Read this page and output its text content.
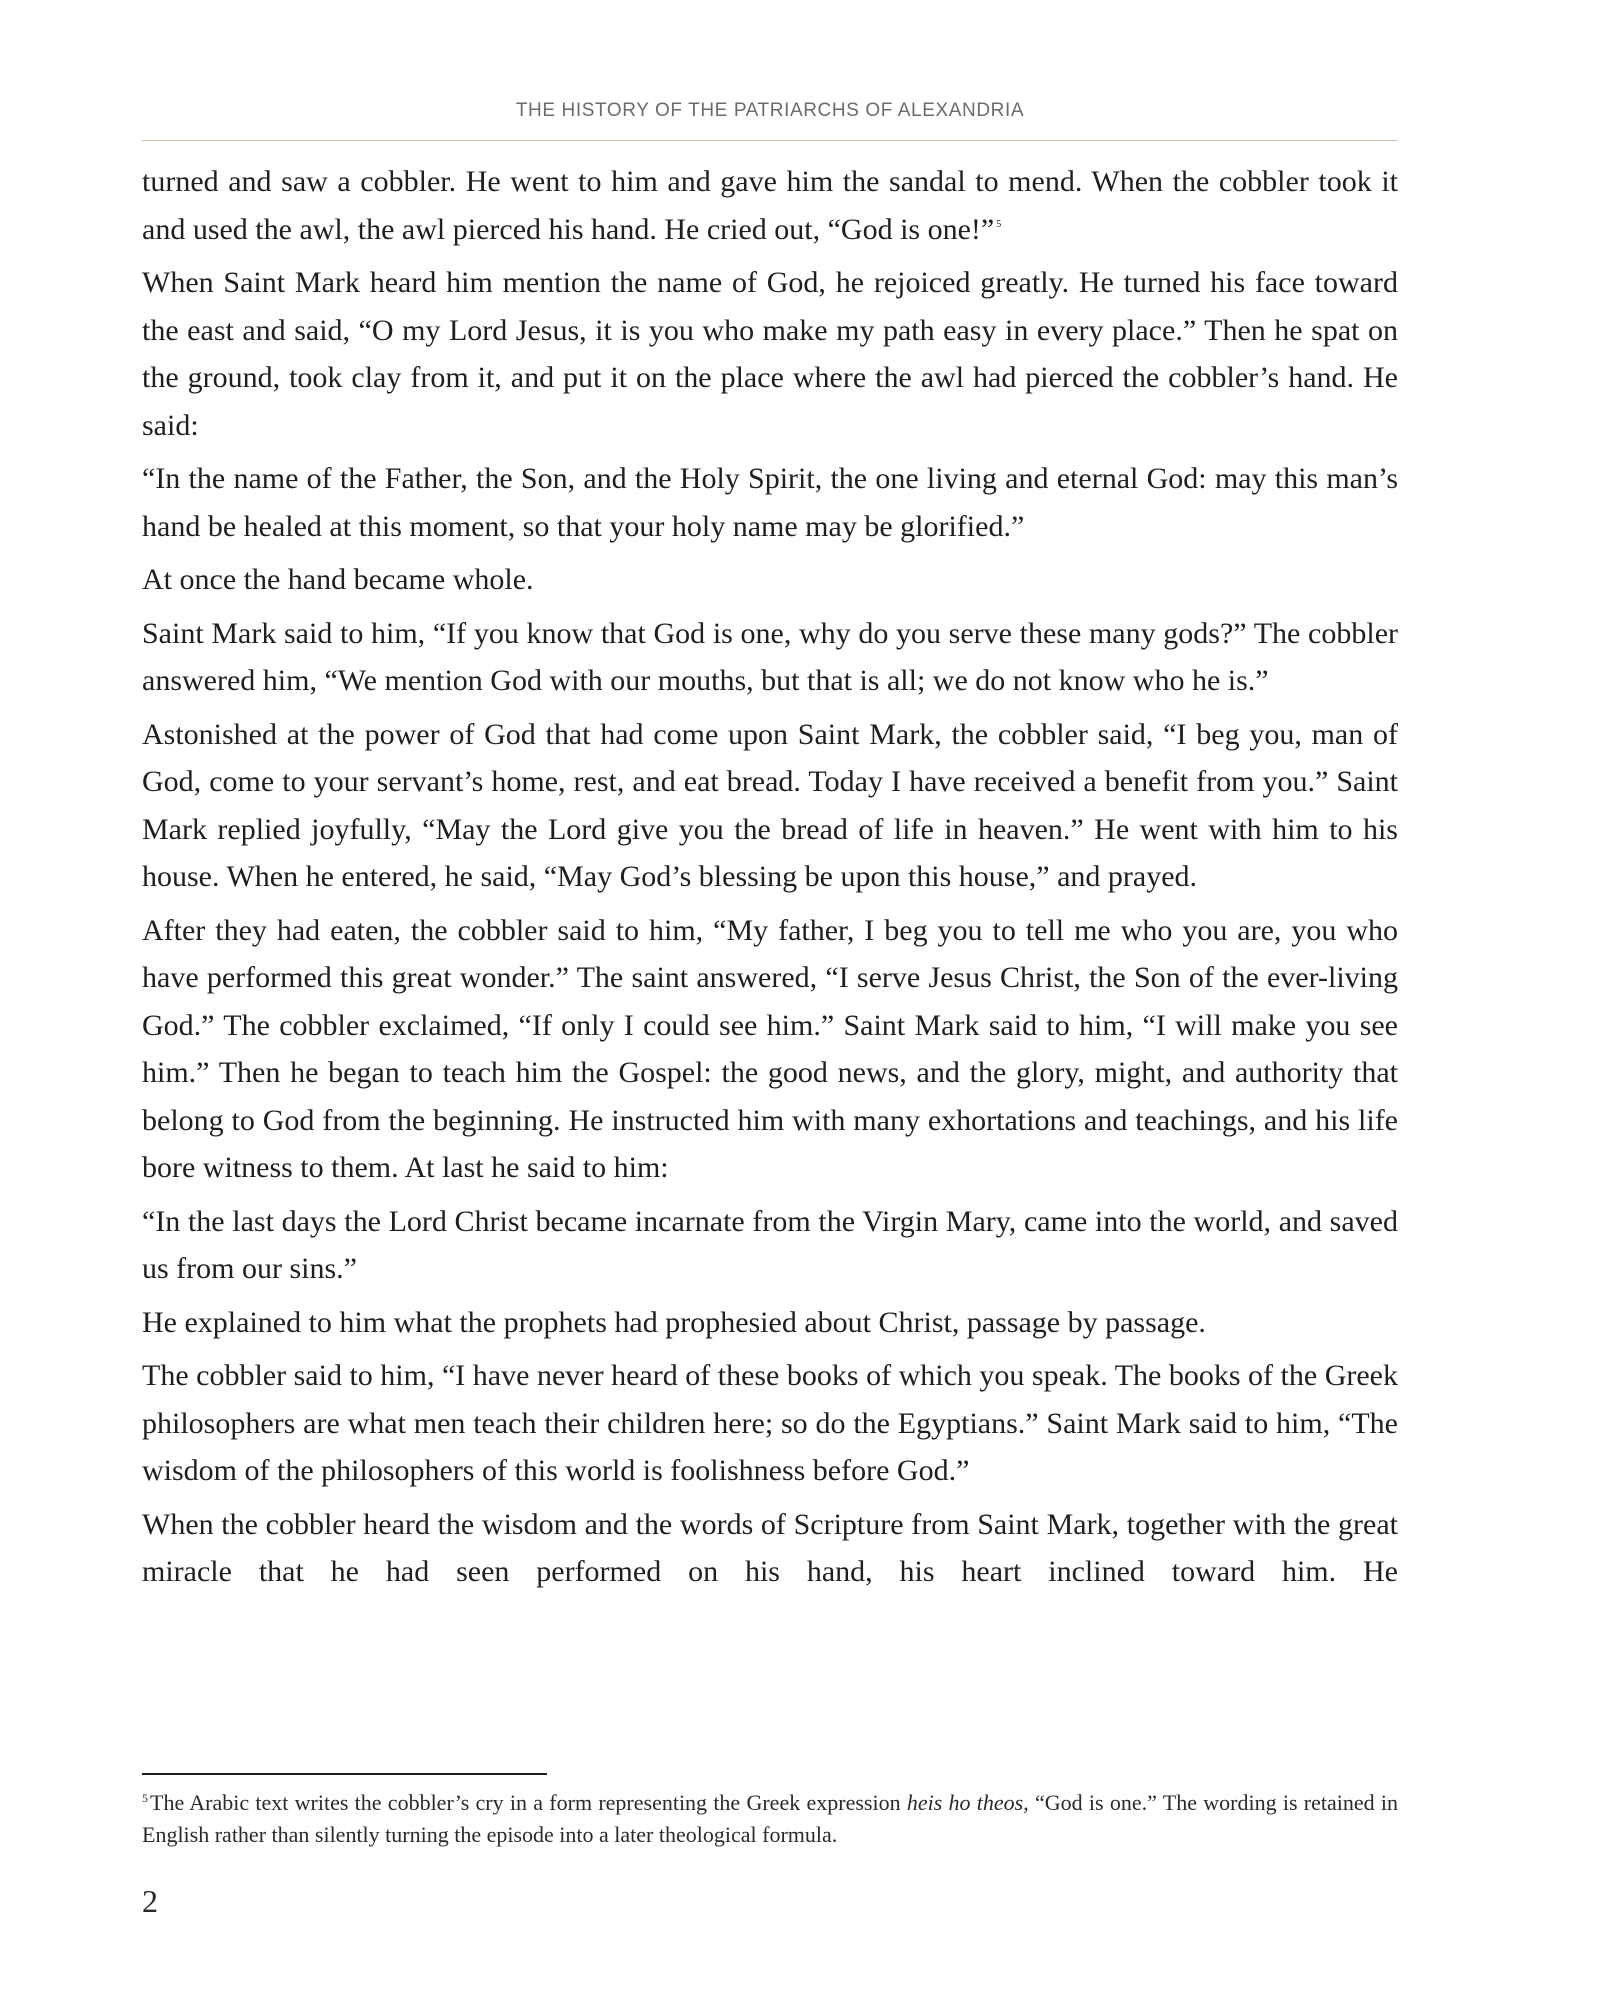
THE HISTORY OF THE PATRIARCHS OF ALEXANDRIA

turned and saw a cobbler. He went to him and gave him the sandal to mend. When the cobbler took it and used the awl, the awl pierced his hand. He cried out, “God is one!” $^5$

When Saint Mark heard him mention the name of God, he rejoiced greatly. He turned his face toward the east and said, “O my Lord Jesus, it is you who make my path easy in every place.” Then he spat on the ground, took clay from it, and put it on the place where the awl had pierced the cobbler’s hand. He said:

“In the name of the Father, the Son, and the Holy Spirit, the one living and eternal God: may this man’s hand be healed at this moment, so that your holy name may be glorified.”

At once the hand became whole.

Saint Mark said to him, “If you know that God is one, why do you serve these many gods?” The cobbler answered him, “We mention God with our mouths, but that is all; we do not know who he is.”

Astonished at the power of God that had come upon Saint Mark, the cobbler said, “I beg you, man of God, come to your servant’s home, rest, and eat bread. Today I have received a benefit from you.” Saint Mark replied joyfully, “May the Lord give you the bread of life in heaven.” He went with him to his house. When he entered, he said, “May God’s blessing be upon this house,” and prayed.

After they had eaten, the cobbler said to him, “My father, I beg you to tell me who you are, you who have performed this great wonder.” The saint answered, “I serve Jesus Christ, the Son of the ever-living God.” The cobbler exclaimed, “If only I could see him.” Saint Mark said to him, “I will make you see him.” Then he began to teach him the Gospel: the good news, and the glory, might, and authority that belong to God from the beginning. He instructed him with many exhortations and teachings, and his life bore witness to them. At last he said to him:

“In the last days the Lord Christ became incarnate from the Virgin Mary, came into the world, and saved us from our sins.”

He explained to him what the prophets had prophesied about Christ, passage by passage.

The cobbler said to him, “I have never heard of these books of which you speak. The books of the Greek philosophers are what men teach their children here; so do the Egyptians.” Saint Mark said to him, “The wisdom of the philosophers of this world is foolishness before God.”

When the cobbler heard the wisdom and the words of Scripture from Saint Mark, together with the great miracle that he had seen performed on his hand, his heart inclined toward him. He

$^5$The Arabic text writes the cobbler’s cry in a form representing the Greek expression heis ho theos, “God is one.” The wording is retained in English rather than silently turning the episode into a later theological formula.
2
